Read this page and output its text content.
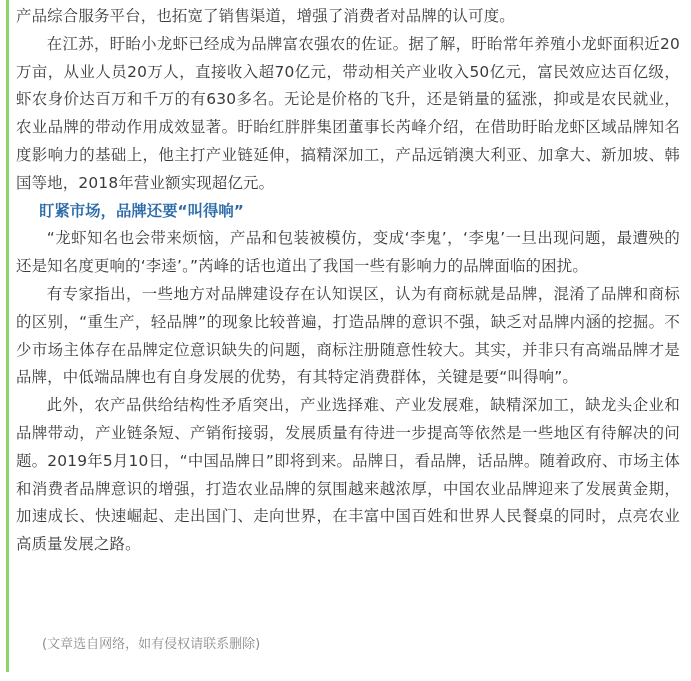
产品综合服务平台，也拓宽了销售渠道，增强了消费者对品牌的认可度。

在江苏，盱眙小龙虾已经成为品牌富农强农的佐证。据了解，盱眙常年养殖小龙虾面积近20万亩，从业人员20万人，直接收入超70亿元，带动相关产业收入50亿元，富民效应达百亿级，虾农身价达百万和千万的有630多名。无论是价格的飞升，还是销量的猛涨，抑或是农民就业，农业品牌的带动作用成效显著。盱眙红胖胖集团董事长芮峰介绍，在借助盱眙龙虾区域品牌知名度影响力的基础上，他主打产业链延伸，搞精深加工，产品远销澳大利亚、加拿大、新加坡、韩国等地，2018年营业额实现超亿元。

盯紧市场，品牌还要“叫得响”

“龙虾知名也会带来烦恼，产品和包装被模仿，变成‘李鬼’，‘李鬼’一旦出现问题，最遭殃的还是知名度更响的‘李逵’。”芮峰的话也道出了我国一些有影响力的品牌面临的困扰。

有专家指出，一些地方对品牌建设存在认知误区，认为有商标就是品牌，混淆了品牌和商标的区别，“重生产，轻品牌”的现象比较普遍，打造品牌的意识不强，缺乏对品牌内涵的挖掘。不少市场主体存在品牌定位意识缺失的问题，商标注册随意性较大。其实，并非只有高端品牌才是品牌，中低端品牌也有自身发展的优势，有其特定消费群体，关键是要“叫得响”。

此外，农产品供给结构性矛盾突出，产业选择难、产业发展难，缺精深加工，缺龙头企业和品牌带动，产业链条短、产销衔接弱，发展质量有待进一步提高等依然是一些地区有待解决的问题。2019年5月10日，“中国品牌日”即将到来。品牌日，看品牌，话品牌。随着政府、市场主体和消费者品牌意识的增强，打造农业品牌的氛围越来越浓厚，中国农业品牌迎来了发展黄金期，加速成长、快速崛起、走出国门、走向世界，在丰富中国百姓和世界人民餐桌的同时，点亮农业高质量发展之路。

(文章选自网络，如有侵权请联系删除)
